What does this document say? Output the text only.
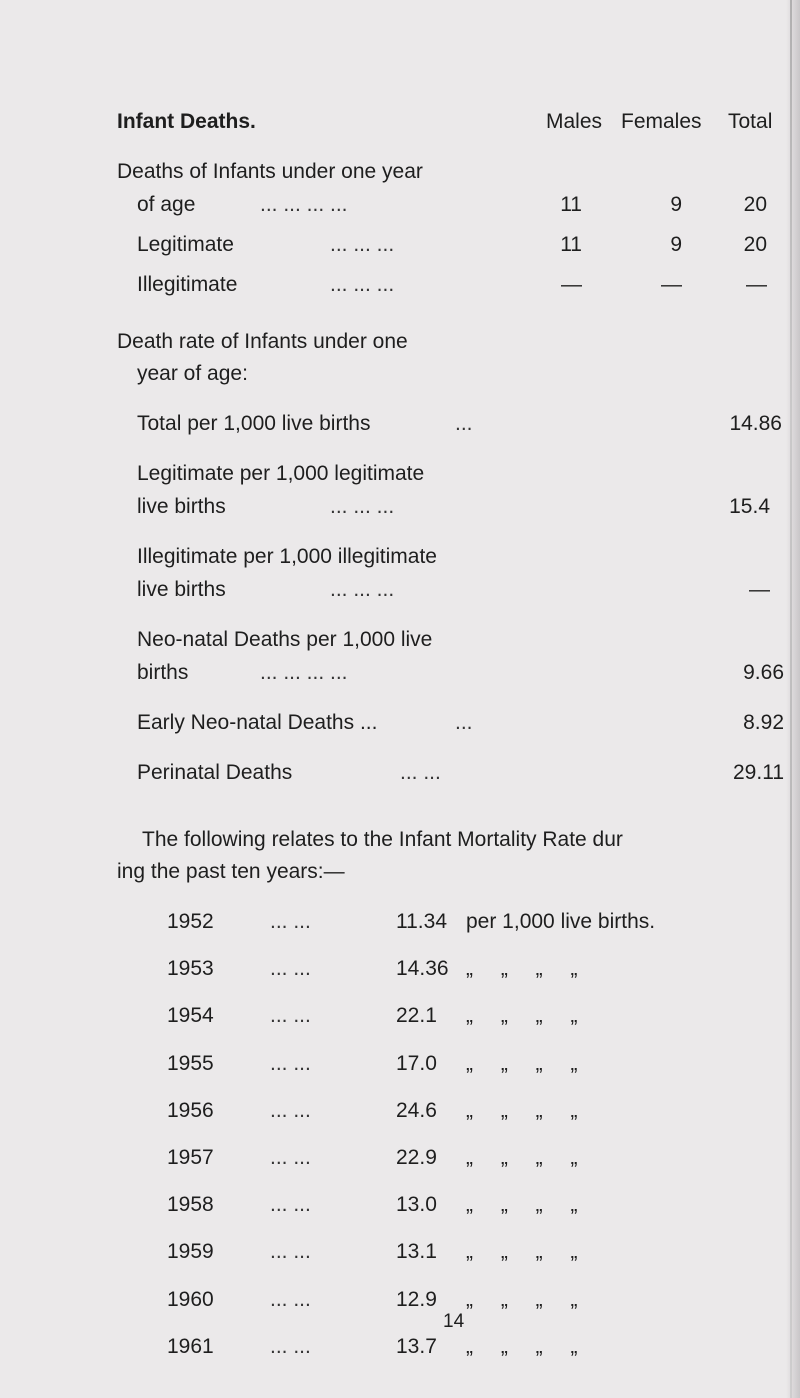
Infant Deaths.	Males Females Total
Deaths of Infants under one year
of age	... ... ... ...	11	9	20
Legitimate	... ... ...	11	9	20
Illegitimate	... ... ...	—	—	—
Death rate of Infants under one
year of age:
Total per 1,000 live births	...	14.86
Legitimate per 1,000 legitimate
live births	... ... ...	15.4
Illegitimate per 1,000 illegitimate
live births	... ... ...	—
Neo-natal Deaths per 1,000 live
births	... ... ... ...	9.66
Early Neo-natal Deaths ...	...	8.92
Perinatal Deaths	... ...	29.11
The following relates to the Infant Mortality Rate dur
ing the past ten years:—
1952	... ...	11.34 per 1,000 live births.
1953	... ...	14.36 „ „ „ „
1954	... ...	22.1 „ „ „ „
1955	... ...	17.0 „ „ „ „
1956	... ...	24.6 „ „ „ „
1957	... ...	22.9 „ „ „ „
1958	... ...	13.0 „ „ „ „
1959	... ...	13.1 „ „ „ „
1960	... ...	12.9 „ „ „ „
1961	... ...	13.7 „ „ „ „
14
